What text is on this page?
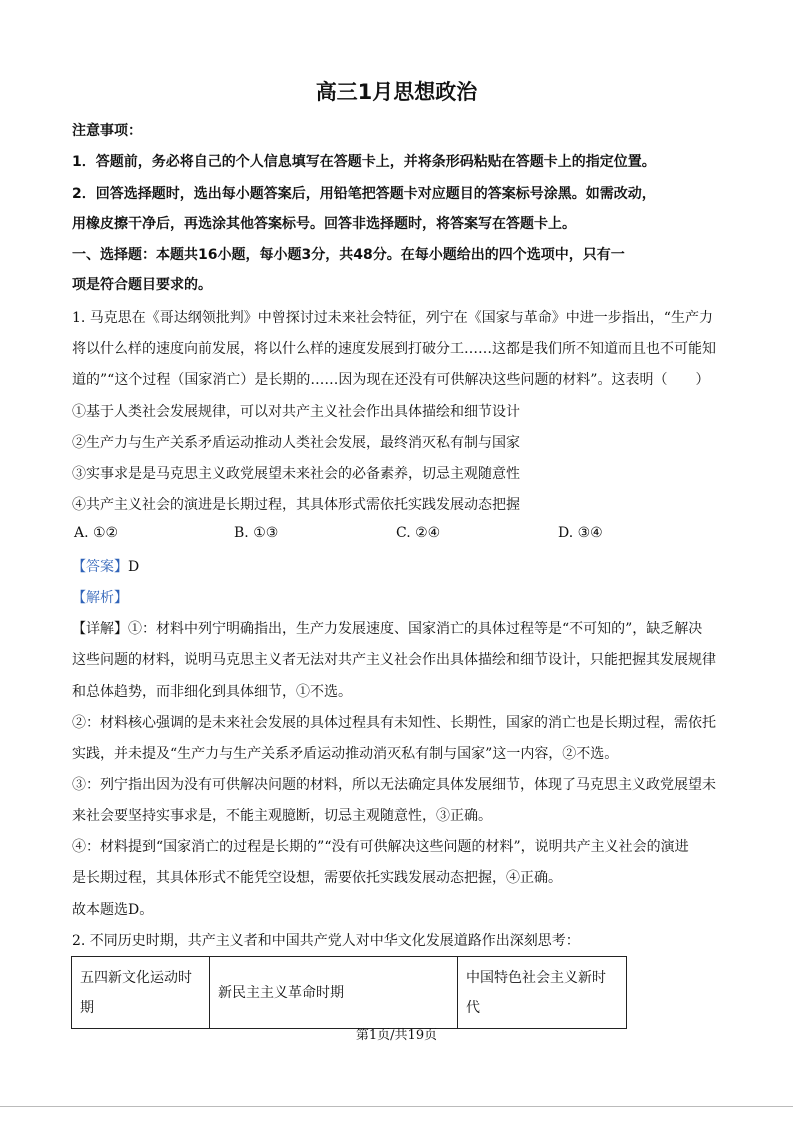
高三1月思想政治
注意事项：
1．答题前，务必将自己的个人信息填写在答题卡上，并将条形码粘贴在答题卡上的指定位置。
2．回答选择题时，选出每小题答案后，用铅笔把答题卡对应题目的答案标号涂黑。如需改动，
用橡皮擦干净后，再选涂其他答案标号。回答非选择题时，将答案写在答题卡上。
一、选择题：本题共16小题，每小题3分，共48分。在每小题给出的四个选项中，只有一
项是符合题目要求的。
1. 马克思在《哥达纲领批判》中曾探讨过未来社会特征，列宁在《国家与革命》中进一步指出，“生产力
将以什么样的速度向前发展，将以什么样的速度发展到打破分工……这都是我们所不知道而且也不可能知
道的”“这个过程（国家消亡）是长期的……因为现在还没有可供解决这些问题的材料”。这表明（　　）
①基于人类社会发展规律，可以对共产主义社会作出具体描绘和细节设计
②生产力与生产关系矛盾运动推动人类社会发展，最终消灭私有制与国家
③实事求是是马克思主义政党展望未来社会的必备素养，切忌主观随意性
④共产主义社会的演进是长期过程，其具体形式需依托实践发展动态把握
A. ①②	B. ①③	C. ②④	D. ③④
【答案】D
【解析】
【详解】①：材料中列宁明确指出，生产力发展速度、国家消亡的具体过程等是“不可知的”，缺乏解决
这些问题的材料，说明马克思主义者无法对共产主义社会作出具体描绘和细节设计，只能把握其发展规律
和总体趋势，而非细化到具体细节，①不选。
②：材料核心强调的是未来社会发展的具体过程具有未知性、长期性，国家的消亡也是长期过程，需依托
实践，并未提及“生产力与生产关系矛盾运动推动消灭私有制与国家”这一内容，②不选。
③：列宁指出因为没有可供解决问题的材料，所以无法确定具体发展细节，体现了马克思主义政党展望未
来社会要坚持实事求是，不能主观臆断，切忌主观随意性，③正确。
④：材料提到“国家消亡的过程是长期的”“没有可供解决这些问题的材料”，说明共产主义社会的演进
是长期过程，其具体形式不能凭空设想，需要依托实践发展动态把握，④正确。
故本题选D。
2. 不同历史时期，共产主义者和中国共产党人对中华文化发展道路作出深刻思考：
五四新文化运动时
期
	新民主主义革命时期	中国特色社会主义新时代
第1页/共19页
